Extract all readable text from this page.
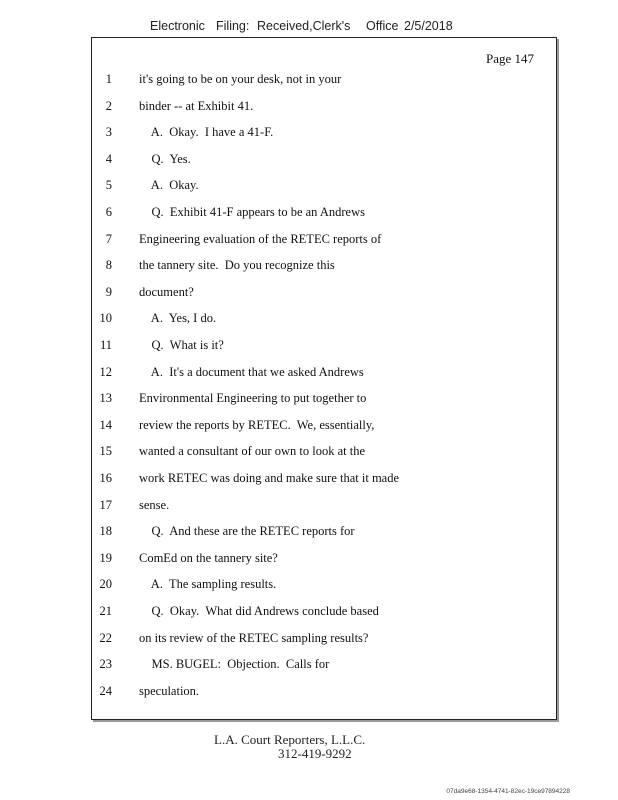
Electronic Filing: Received,Clerk's Office 2/5/2018
Page 147
1 it's going to be on your desk, not in your
2 binder -- at Exhibit 41.
3 A.  Okay.  I have a 41-F.
4 Q.  Yes.
5 A.  Okay.
6 Q.  Exhibit 41-F appears to be an Andrews
7 Engineering evaluation of the RETEC reports of
8 the tannery site.  Do you recognize this
9 document?
10 A.  Yes, I do.
11 Q.  What is it?
12 A.  It's a document that we asked Andrews
13 Environmental Engineering to put together to
14 review the reports by RETEC.  We, essentially,
15 wanted a consultant of our own to look at the
16 work RETEC was doing and make sure that it made
17 sense.
18 Q.  And these are the RETEC reports for
19 ComEd on the tannery site?
20 A.  The sampling results.
21 Q.  Okay.  What did Andrews conclude based
22 on its review of the RETEC sampling results?
23 MS. BUGEL:  Objection.  Calls for
24 speculation.
L.A. Court Reporters, L.L.C.
312-419-9292
07da9e68-1354-4741-82ec-19ce97894228
